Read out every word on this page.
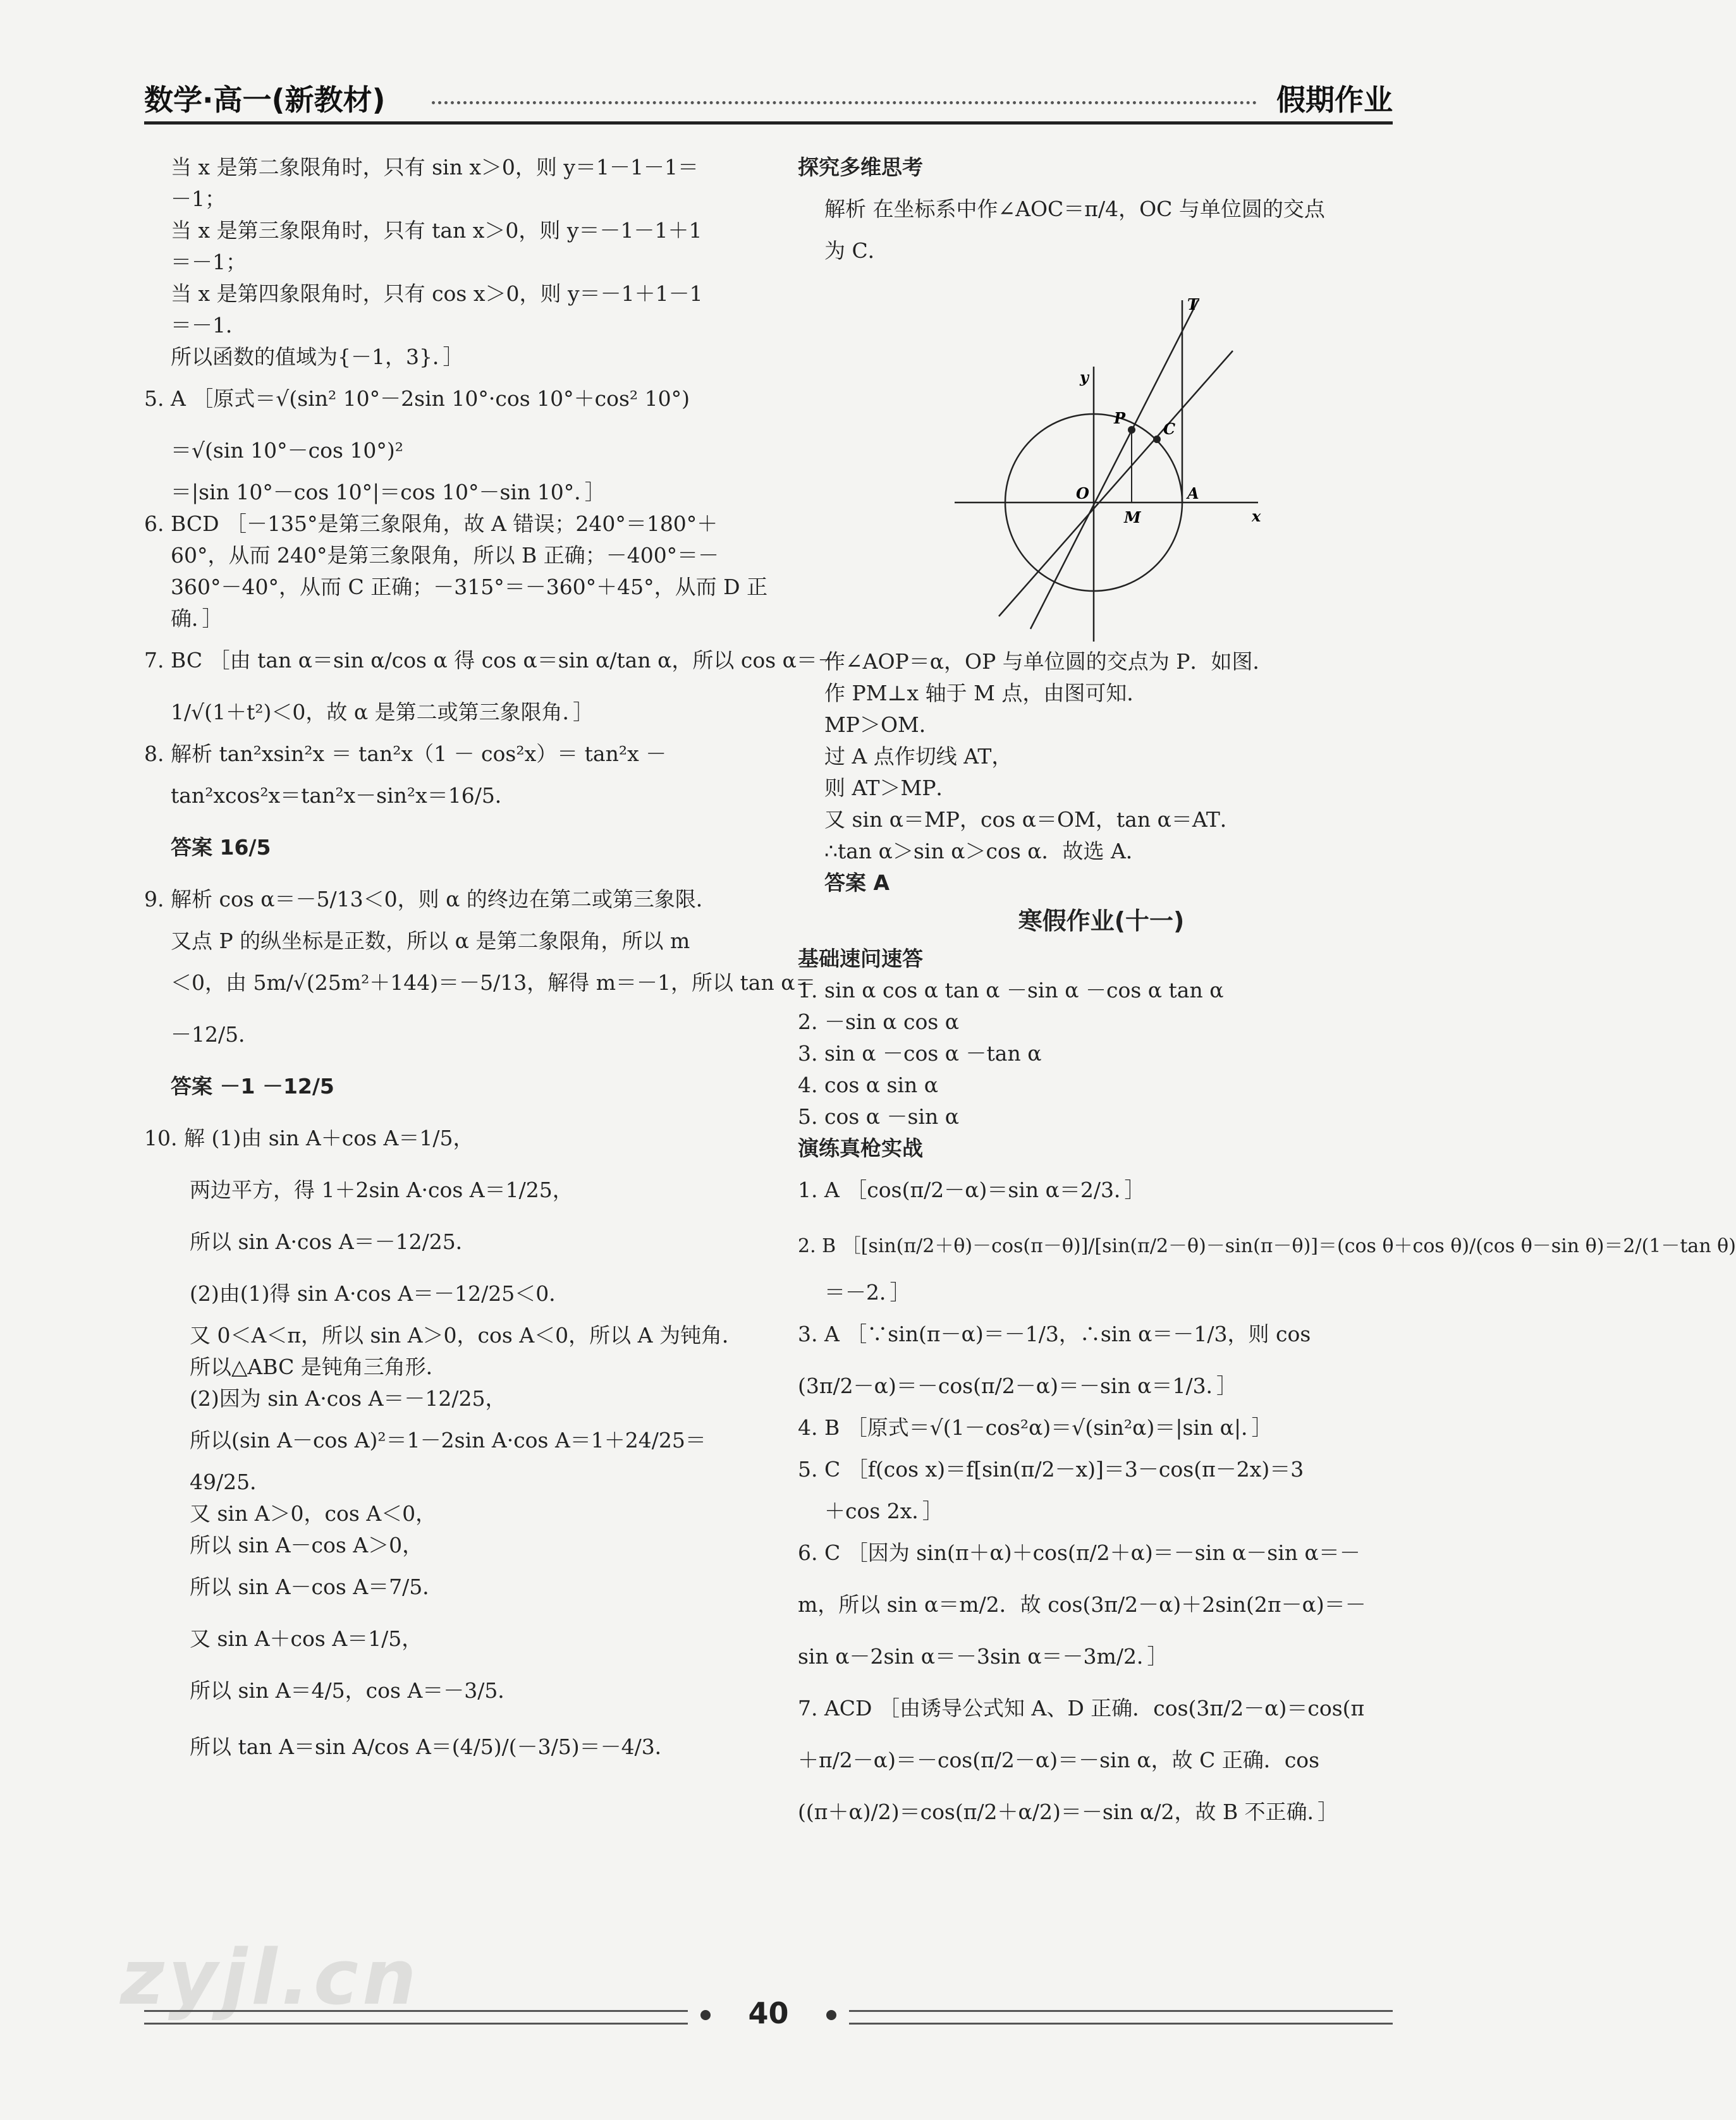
数学·高一(新教材)	假期作业
当 x 是第二象限角时，只有 sin x＞0，则 y＝1－1－1＝
－1；
当 x 是第三象限角时，只有 tan x＞0，则 y＝－1－1＋1
＝－1；
当 x 是第四象限角时，只有 cos x＞0，则 y＝－1＋1－1
＝－1．
所以函数的值域为{－1，3}．］
5. A ［原式＝√(sin² 10°－2sin 10°·cos 10°＋cos² 10°)
＝√(sin 10°－cos 10°)²
＝|sin 10°－cos 10°|＝cos 10°－sin 10°．］
6. BCD ［－135°是第三象限角，故 A 错误；240°＝180°＋
60°，从而 240°是第三象限角，所以 B 正确；－400°＝－
360°－40°，从而 C 正确；－315°＝－360°＋45°，从而 D 正
确．］
7. BC ［由 tan α＝sin α/cos α 得 cos α＝sin α/tan α，所以 cos α＝－
1/√(1＋t²)＜0，故 α 是第二或第三象限角．］
8. 解析 tan²xsin²x ＝ tan²x（1 － cos²x）＝ tan²x －
tan²xcos²x＝tan²x－sin²x＝16/5．
答案 16/5
9. 解析 cos α＝－5/13＜0，则 α 的终边在第二或第三象限．
又点 P 的纵坐标是正数，所以 α 是第二象限角，所以 m
＜0，由 5m/√(25m²＋144)＝－5/13，解得 m＝－1，所以 tan α＝
－12/5．
答案 －1 －12/5
10. 解 (1)由 sin A＋cos A＝1/5，
两边平方，得 1＋2sin A·cos A＝1/25，
所以 sin A·cos A＝－12/25．
(2)由(1)得 sin A·cos A＝－12/25＜0．
又 0＜A＜π，所以 sin A＞0，cos A＜0，所以 A 为钝角．
所以△ABC 是钝角三角形．
(2)因为 sin A·cos A＝－12/25，
所以(sin A－cos A)²＝1－2sin A·cos A＝1＋24/25＝
49/25．
又 sin A＞0，cos A＜0，
所以 sin A－cos A＞0，
所以 sin A－cos A＝7/5．
又 sin A＋cos A＝1/5，
所以 sin A＝4/5，cos A＝－3/5．
所以 tan A＝sin A/cos A＝(4/5)/(－3/5)＝－4/3．
探究多维思考
解析 在坐标系中作∠AOC＝π/4，OC 与单位圆的交点
为 C．
作∠AOP＝α，OP 与单位圆的交点为 P．如图．
作 PM⊥x 轴于 M 点，由图可知．
MP＞OM．
过 A 点作切线 AT，
则 AT＞MP．
又 sin α＝MP，cos α＝OM，tan α＝AT．
∴tan α＞sin α＞cos α．故选 A．
答案 A
寒假作业(十一)
基础速问速答
1. sin α cos α tan α －sin α －cos α tan α
2. －sin α cos α
3. sin α －cos α －tan α
4. cos α sin α
5. cos α －sin α
演练真枪实战
1. A ［cos(π/2－α)＝sin α＝2/3．］
2. B ［[sin(π/2＋θ)－cos(π－θ)]/[sin(π/2－θ)－sin(π－θ)]＝(cos θ＋cos θ)/(cos θ－sin θ)＝2/(1－tan θ)
＝－2．］
3. A ［∵sin(π－α)＝－1/3，∴sin α＝－1/3，则 cos
(3π/2－α)＝－cos(π/2－α)＝－sin α＝1/3．］
4. B ［原式＝√(1－cos²α)＝√(sin²α)＝|sin α|．］
5. C ［f(cos x)＝f[sin(π/2－x)]＝3－cos(π－2x)＝3
＋cos 2x．］
6. C ［因为 sin(π＋α)＋cos(π/2＋α)＝－sin α－sin α＝－
m，所以 sin α＝m/2．故 cos(3π/2－α)＋2sin(2π－α)＝－
sin α－2sin α＝－3sin α＝－3m/2．］
7. ACD ［由诱导公式知 A、D 正确．cos(3π/2－α)＝cos(π
＋π/2－α)＝－cos(π/2－α)＝－sin α，故 C 正确．cos
((π＋α)/2)＝cos(π/2＋α/2)＝－sin α/2，故 B 不正确．］
T
y
P
C
O
M
A
x
zyjl.cn	40
